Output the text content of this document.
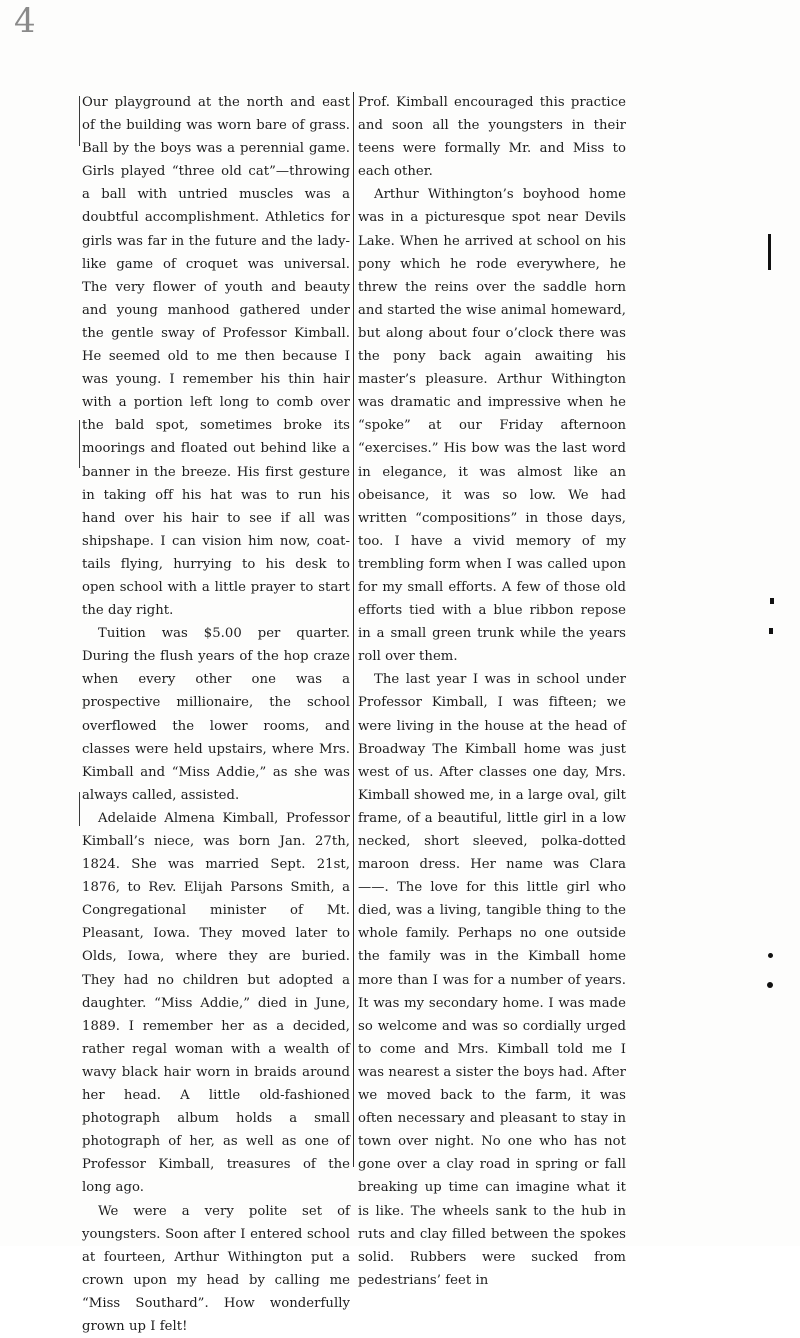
4

Our playground at the north and east of the building was worn bare of grass. Ball by the boys was a perennial game. Girls played “three old cat”—throwing a ball with untried muscles was a doubtful accomplishment. Athletics for girls was far in the future and the lady-like game of croquet was universal. The very flower of youth and beauty and young manhood gathered under the gentle sway of Professor Kimball. He seemed old to me then because I was young. I remember his thin hair with a portion left long to comb over the bald spot, sometimes broke its moorings and floated out behind like a banner in the breeze. His first gesture in taking off his hat was to run his hand over his hair to see if all was shipshape. I can vision him now, coat-tails flying, hurrying to his desk to open school with a little prayer to start the day right.

Tuition was $5.00 per quarter. During the flush years of the hop craze when every other one was a prospective millionaire, the school overflowed the lower rooms, and classes were held upstairs, where Mrs. Kimball and “Miss Addie,” as she was always called, assisted.

Adelaide Almena Kimball, Professor Kimball’s niece, was born Jan. 27th, 1824. She was married Sept. 21st, 1876, to Rev. Elijah Parsons Smith, a Congregational minister of Mt. Pleasant, Iowa. They moved later to Olds, Iowa, where they are buried. They had no children but adopted a daughter. “Miss Addie,” died in June, 1889. I remember her as a decided, rather regal woman with a wealth of wavy black hair worn in braids around her head. A little old-fashioned photograph album holds a small photograph of her, as well as one of Professor Kimball, treasures of the long ago.

We were a very polite set of youngsters. Soon after I entered school at fourteen, Arthur Withington put a crown upon my head by calling me “Miss Southard”. How wonderfully grown up I felt!

Prof. Kimball encouraged this practice and soon all the youngsters in their teens were formally Mr. and Miss to each other.

Arthur Withington’s boyhood home was in a picturesque spot near Devils Lake. When he arrived at school on his pony which he rode everywhere, he threw the reins over the saddle horn and started the wise animal homeward, but along about four o’clock there was the pony back again awaiting his master’s pleasure. Arthur Withington was dramatic and impressive when he “spoke” at our Friday afternoon “exercises.” His bow was the last word in elegance, it was almost like an obeisance, it was so low. We had written “compositions” in those days, too. I have a vivid memory of my trembling form when I was called upon for my small efforts. A few of those old efforts tied with a blue ribbon repose in a small green trunk while the years roll over them.

The last year I was in school under Professor Kimball, I was fifteen; we were living in the house at the head of Broadway The Kimball home was just west of us. After classes one day, Mrs. Kimball showed me, in a large oval, gilt frame, of a beautiful, little girl in a low necked, short sleeved, polka-dotted maroon dress. Her name was Clara——. The love for this little girl who died, was a living, tangible thing to the whole family. Perhaps no one outside the family was in the Kimball home more than I was for a number of years. It was my secondary home. I was made so welcome and was so cordially urged to come and Mrs. Kimball told me I was nearest a sister the boys had. After we moved back to the farm, it was often necessary and pleasant to stay in town over night. No one who has not gone over a clay road in spring or fall breaking up time can imagine what it is like. The wheels sank to the hub in ruts and clay filled between the spokes solid. Rubbers were sucked from pedestrians’ feet in
